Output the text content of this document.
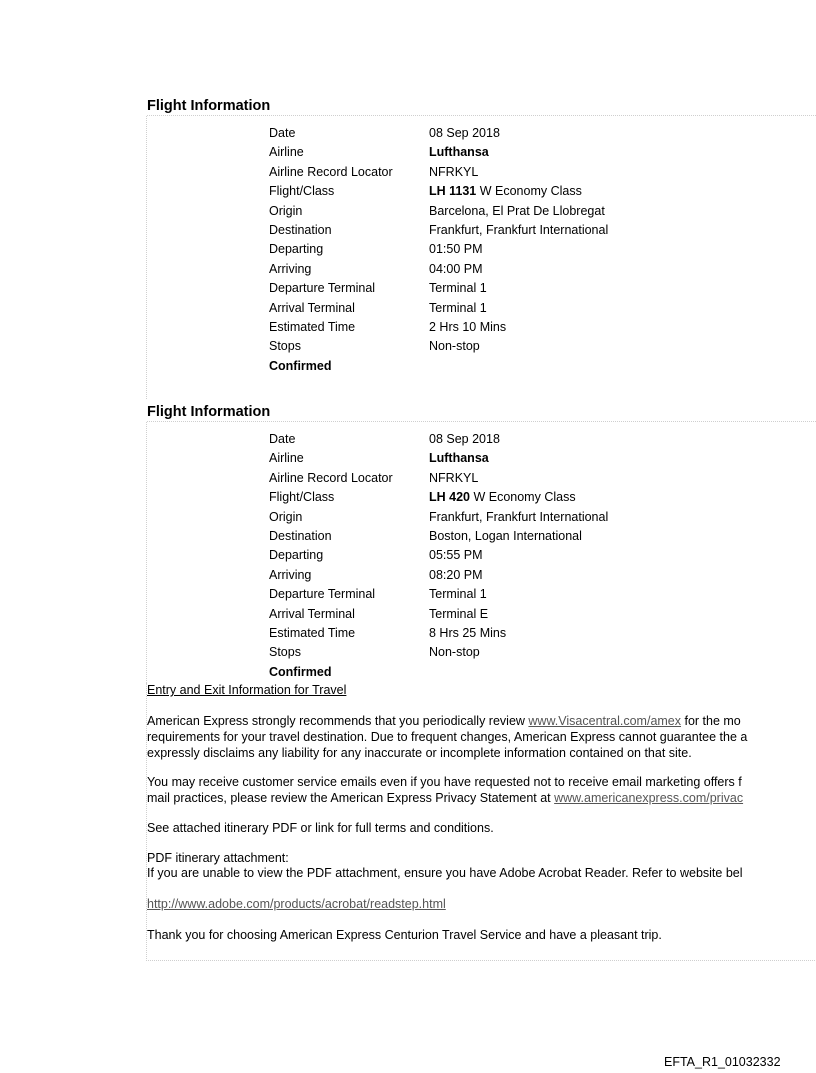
Flight Information
Date	08 Sep 2018
Airline	Lufthansa
Airline Record Locator	NFRKYL
Flight/Class	LH 1131 W Economy Class
Origin	Barcelona, El Prat De Llobregat
Destination	Frankfurt, Frankfurt International
Departing	01:50 PM
Arriving	04:00 PM
Departure Terminal	Terminal 1
Arrival Terminal	Terminal 1
Estimated Time	2 Hrs 10 Mins
Stops	Non-stop
Confirmed
Flight Information
Date	08 Sep 2018
Airline	Lufthansa
Airline Record Locator	NFRKYL
Flight/Class	LH 420 W Economy Class
Origin	Frankfurt, Frankfurt International
Destination	Boston, Logan International
Departing	05:55 PM
Arriving	08:20 PM
Departure Terminal	Terminal 1
Arrival Terminal	Terminal E
Estimated Time	8 Hrs 25 Mins
Stops	Non-stop
Confirmed
Entry and Exit Information for Travel
American Express strongly recommends that you periodically review www.Visacentral.com/amex for the mo
requirements for your travel destination. Due to frequent changes, American Express cannot guarantee the a
expressly disclaims any liability for any inaccurate or incomplete information contained on that site.
You may receive customer service emails even if you have requested not to receive email marketing offers f
mail practices, please review the American Express Privacy Statement at www.americanexpress.com/privac
See attached itinerary PDF or link for full terms and conditions.
PDF itinerary attachment:
If you are unable to view the PDF attachment, ensure you have Adobe Acrobat Reader. Refer to website bel
http://www.adobe.com/products/acrobat/readstep.html
Thank you for choosing American Express Centurion Travel Service and have a pleasant trip.
EFTA_R1_01032332
